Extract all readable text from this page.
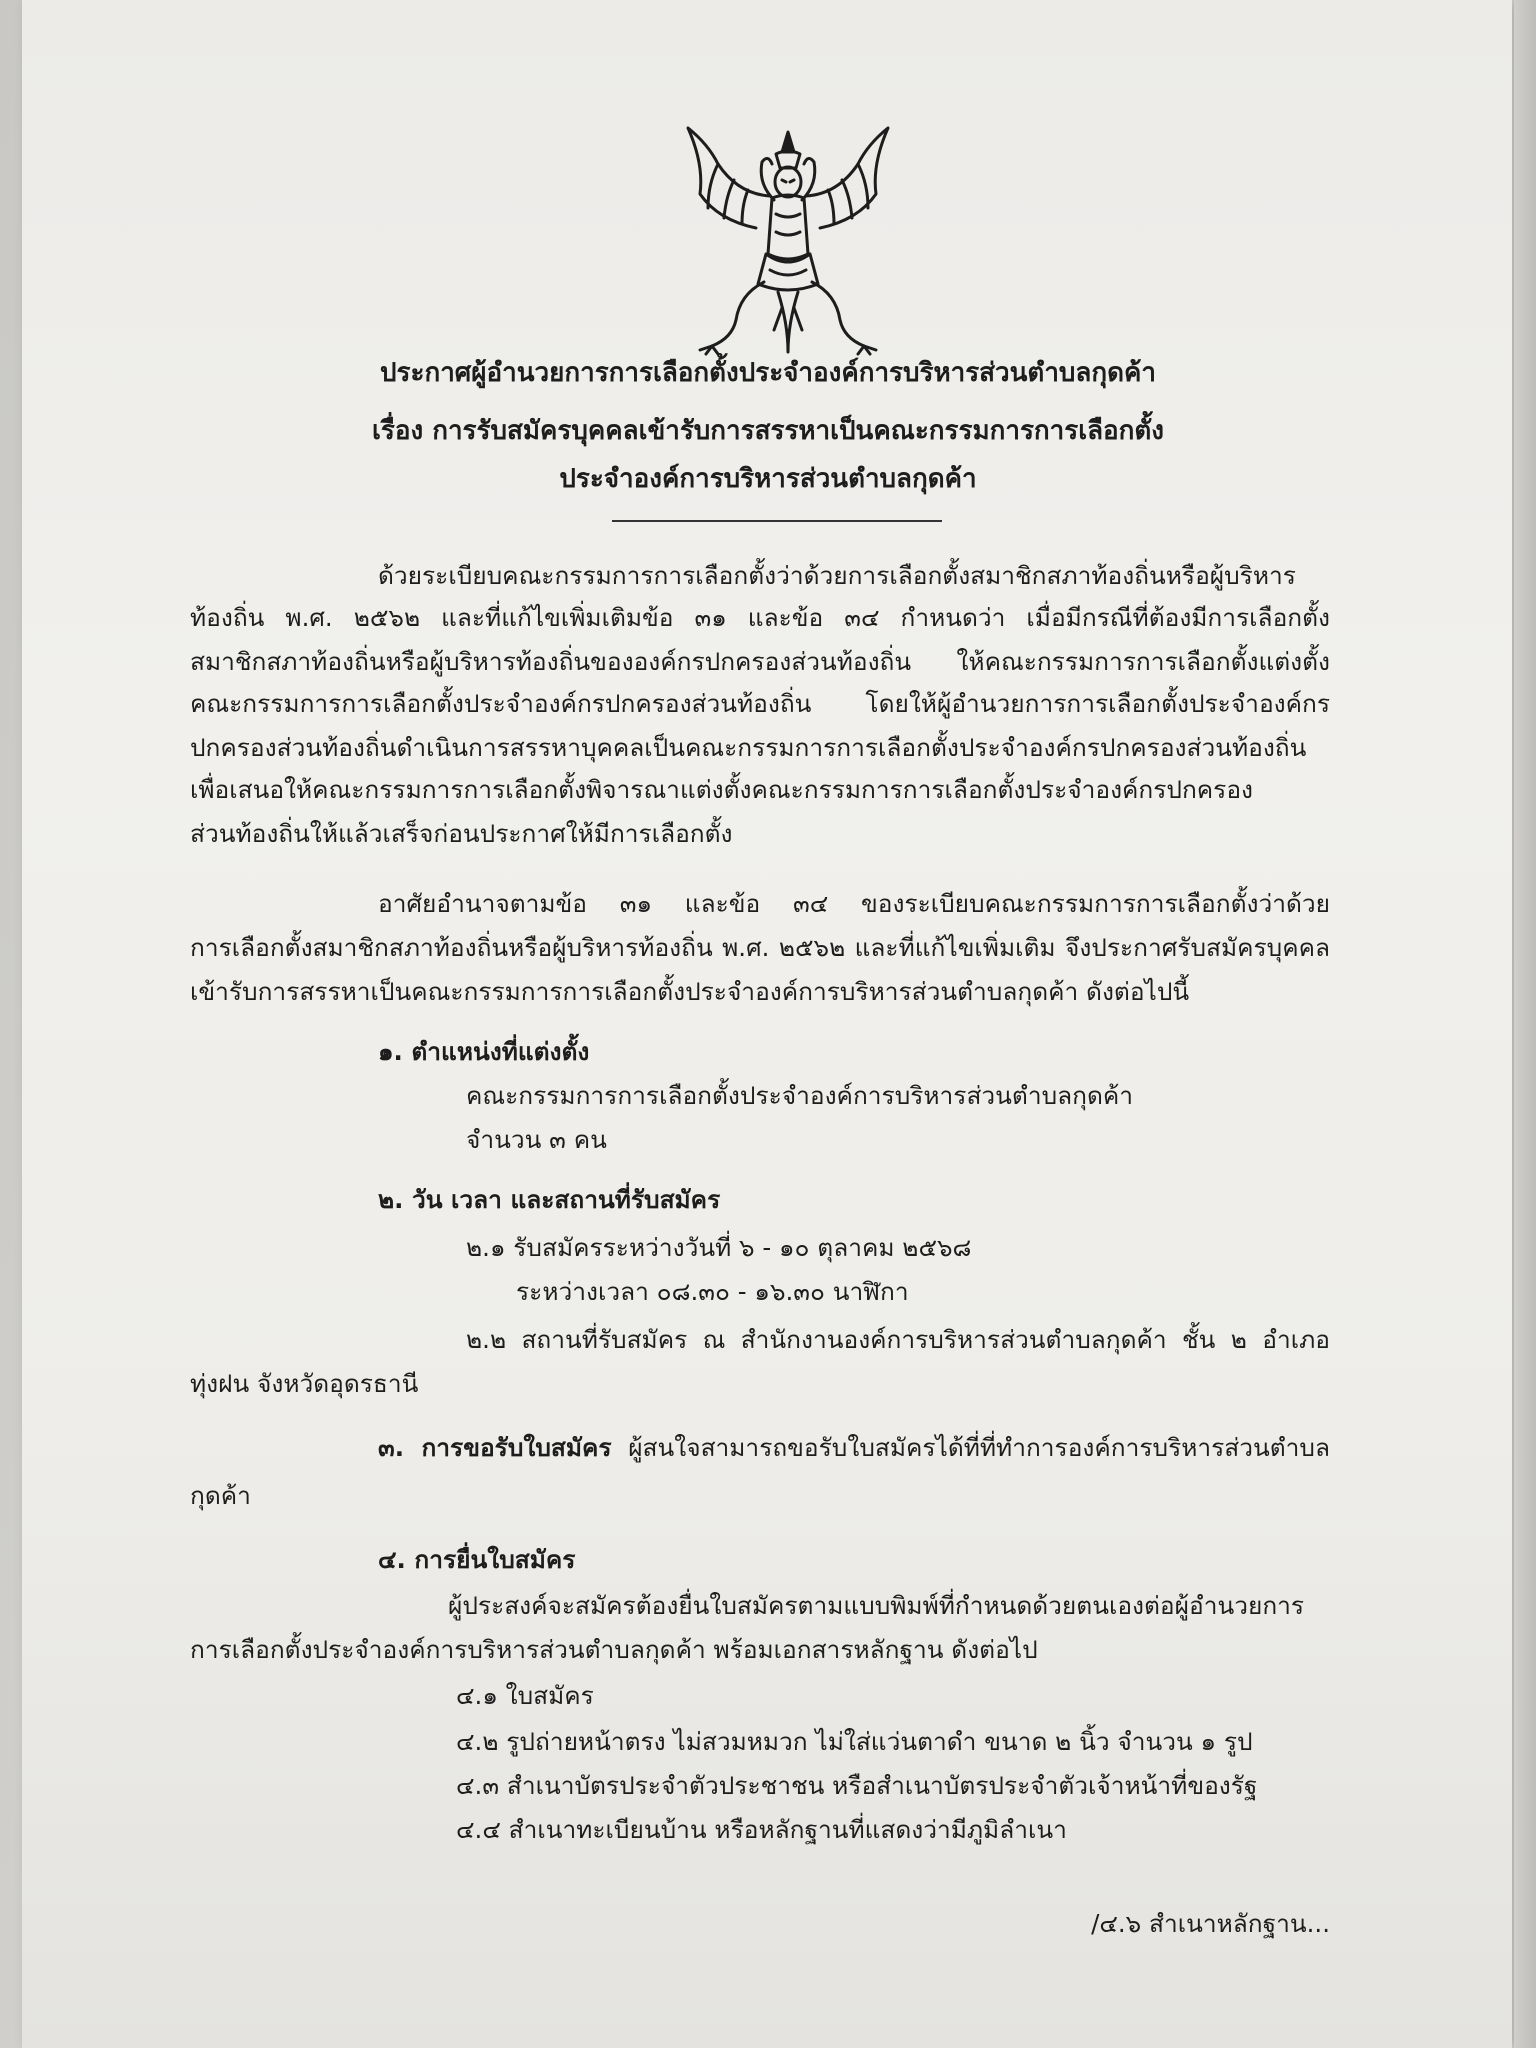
ประกาศผู้อำนวยการการเลือกตั้งประจำองค์การบริหารส่วนตำบลกุดค้า
เรื่อง การรับสมัครบุคคลเข้ารับการสรรหาเป็นคณะกรรมการการเลือกตั้ง
ประจำองค์การบริหารส่วนตำบลกุดค้า
ด้วยระเบียบคณะกรรมการการเลือกตั้งว่าด้วยการเลือกตั้งสมาชิกสภาท้องถิ่นหรือผู้บริหาร
ท้องถิ่น พ.ศ. ๒๕๖๒ และที่แก้ไขเพิ่มเติมข้อ ๓๑ และข้อ ๓๔ กำหนดว่า เมื่อมีกรณีที่ต้องมีการเลือกตั้ง
สมาชิกสภาท้องถิ่นหรือผู้บริหารท้องถิ่นขององค์กรปกครองส่วนท้องถิ่น ให้คณะกรรมการการเลือกตั้งแต่งตั้ง
คณะกรรมการการเลือกตั้งประจำองค์กรปกครองส่วนท้องถิ่น โดยให้ผู้อำนวยการการเลือกตั้งประจำองค์กร
ปกครองส่วนท้องถิ่นดำเนินการสรรหาบุคคลเป็นคณะกรรมการการเลือกตั้งประจำองค์กรปกครองส่วนท้องถิ่น
เพื่อเสนอให้คณะกรรมการการเลือกตั้งพิจารณาแต่งตั้งคณะกรรมการการเลือกตั้งประจำองค์กรปกครอง
ส่วนท้องถิ่นให้แล้วเสร็จก่อนประกาศให้มีการเลือกตั้ง
อาศัยอำนาจตามข้อ ๓๑ และข้อ ๓๔ ของระเบียบคณะกรรมการการเลือกตั้งว่าด้วย
การเลือกตั้งสมาชิกสภาท้องถิ่นหรือผู้บริหารท้องถิ่น พ.ศ. ๒๕๖๒ และที่แก้ไขเพิ่มเติม จึงประกาศรับสมัครบุคคล
เข้ารับการสรรหาเป็นคณะกรรมการการเลือกตั้งประจำองค์การบริหารส่วนตำบลกุดค้า ดังต่อไปนี้
๑. ตำแหน่งที่แต่งตั้ง
คณะกรรมการการเลือกตั้งประจำองค์การบริหารส่วนตำบลกุดค้า
จำนวน ๓ คน
๒. วัน เวลา และสถานที่รับสมัคร
๒.๑ รับสมัครระหว่างวันที่ ๖ - ๑๐ ตุลาคม ๒๕๖๘
ระหว่างเวลา ๐๘.๓๐ - ๑๖.๓๐ นาฬิกา
๒.๒ สถานที่รับสมัคร ณ สำนักงานองค์การบริหารส่วนตำบลกุดค้า ชั้น ๒ อำเภอ
ทุ่งฝน จังหวัดอุดรธานี
๓. การขอรับใบสมัคร ผู้สนใจสามารถขอรับใบสมัครได้ที่ที่ทำการองค์การบริหารส่วนตำบล
กุดค้า
๔. การยื่นใบสมัคร
ผู้ประสงค์จะสมัครต้องยื่นใบสมัครตามแบบพิมพ์ที่กำหนดด้วยตนเองต่อผู้อำนวยการ
การเลือกตั้งประจำองค์การบริหารส่วนตำบลกุดค้า พร้อมเอกสารหลักฐาน ดังต่อไป
๔.๑ ใบสมัคร
๔.๒ รูปถ่ายหน้าตรง ไม่สวมหมวก ไม่ใส่แว่นตาดำ ขนาด ๒ นิ้ว จำนวน ๑ รูป
๔.๓ สำเนาบัตรประจำตัวประชาชน หรือสำเนาบัตรประจำตัวเจ้าหน้าที่ของรัฐ
๔.๔ สำเนาทะเบียนบ้าน หรือหลักฐานที่แสดงว่ามีภูมิลำเนา
/๔.๖ สำเนาหลักฐาน...
